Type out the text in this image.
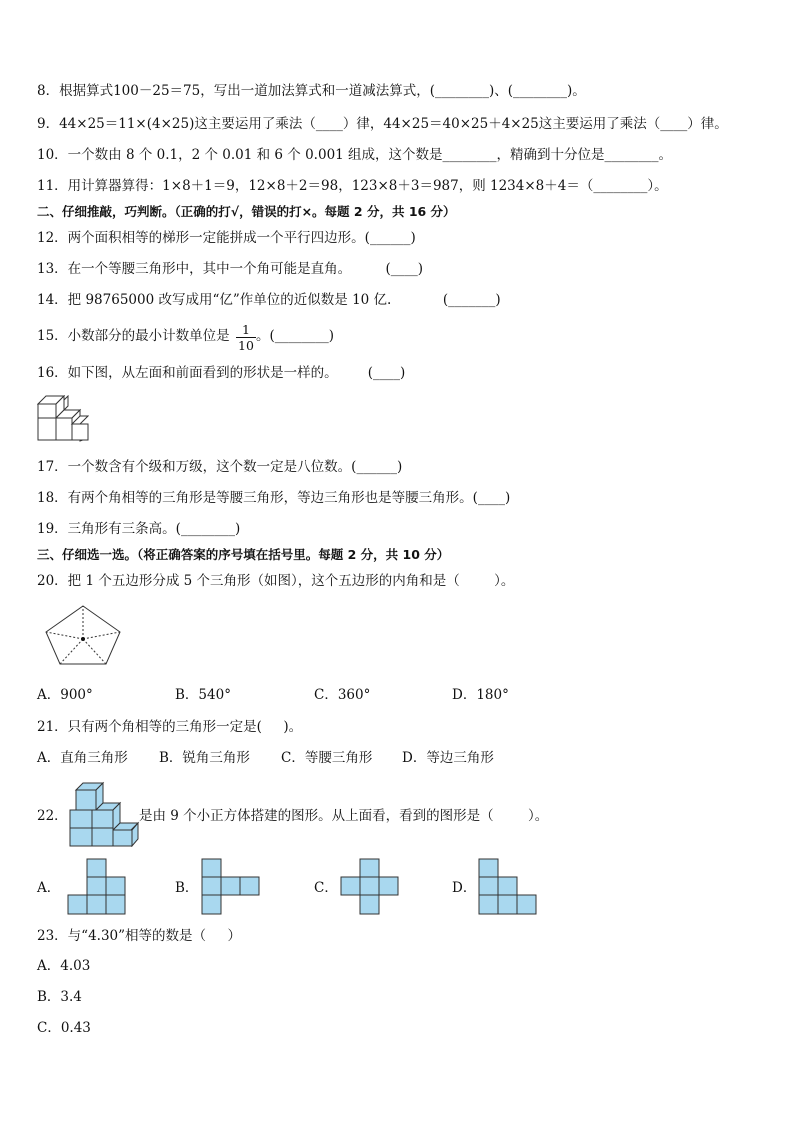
8．根据算式100－25＝75，写出一道加法算式和一道减法算式，(________)、(________)。
9．44×25＝11×(4×25)这主要运用了乘法（____）律，44×25＝40×25＋4×25这主要运用了乘法（____）律。
10．一个数由 8 个 0.1，2 个 0.01 和 6 个 0.001 组成，这个数是________，精确到十分位是________。
11．用计算器算得：1×8＋1＝9，12×8＋2＝98，123×8＋3＝987，则 1234×8＋4＝（________）。
二、仔细推敲，巧判断。（正确的打√，错误的打×。每题 2 分，共 16 分）
12．两个面积相等的梯形一定能拼成一个平行四边形。(______)
13．在一个等腰三角形中，其中一个角可能是直角。        (____)
14．把 98765000 改写成用“亿”作单位的近似数是 10 亿.            (_______)
15．小数部分的最小计数单位是 $\frac{1}{10}$ 。(________)
16．如下图，从左面和前面看到的形状是一样的。       (____)
17．一个数含有个级和万级，这个数一定是八位数。(______)
18．有两个角相等的三角形是等腰三角形，等边三角形也是等腰三角形。(____)
19．三角形有三条高。(________)
三、仔细选一选。（将正确答案的序号填在括号里。每题 2 分，共 10 分）
20．把 1 个五边形分成 5 个三角形（如图），这个五边形的内角和是（        ）。
A．900°	B．540°	C．360°	D．180°
21．只有两个角相等的三角形一定是(     )。
A．直角三角形 B．锐角三角形 C．等腰三角形 D．等边三角形
22．	是由 9 个小正方体搭建的图形。从上面看，看到的图形是（        ）。
A．	B．	C．	D．
23．与“4.30”相等的数是（     ）
A．4.03
B．3.4
C．0.43
